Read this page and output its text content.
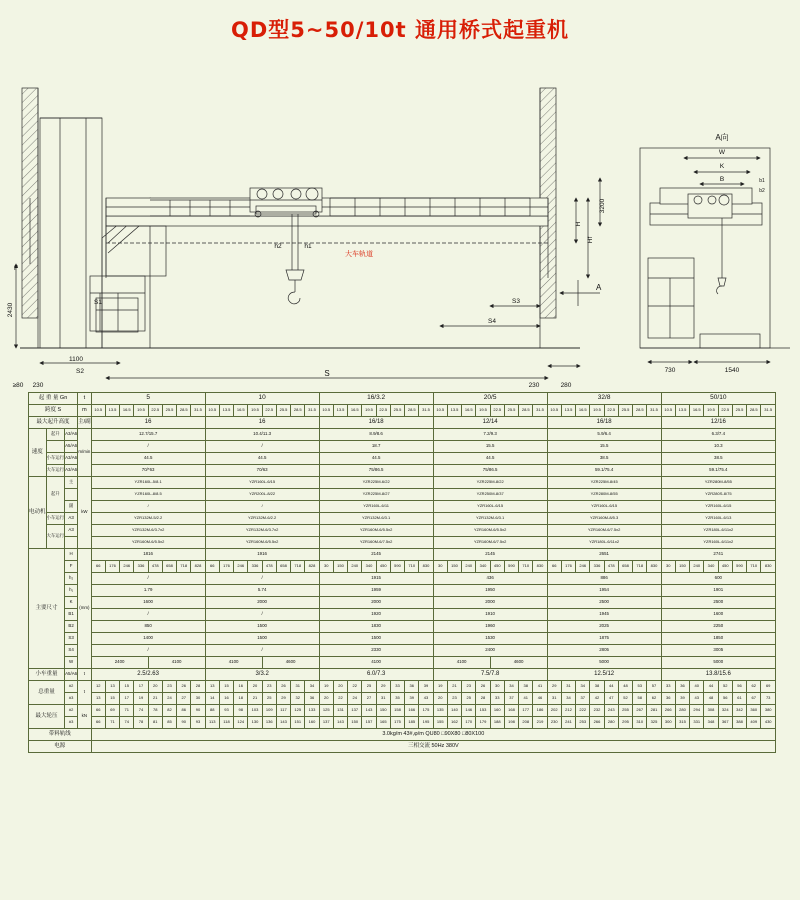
QD型5~50/10t 通用桥式起重机
1100
S2	S
230	230	280
≥80
2430
F
S1	S3
S4
h2	h1
大车轨道
3200
Hf
H
A
A向
W
K
B	b1
b2
730	1540
起 重 量 Gn			t	5								10								16/3.2								20/5								32/8								50/10							
跨度 S			m	10.5	13.5	16.5	19.5	22.5	25.5	28.5	31.5	10.5	13.5	16.5	19.5	22.5	25.5	28.5	31.5	10.5	13.5	16.5	19.5	22.5	25.5	28.5	31.5	10.5	13.5	16.5	19.5	22.5	25.5	28.5	31.5	10.5	13.5	16.5	19.5	22.5	25.5	28.5	31.5	10.5	13.5	16.5	19.5	22.5	25.5	28.5	31.5
最大起升高度			主/副	16								16								16/18								12/14								16/18								12/16							
速度	起升	A3/A6	m/min	12.7/15.7								10.4/11.3								8.9/8.6								7.2/9.3								5.9/6.4								6.3/7.4							
		A5/A6		/								/								18.7								15.5								15.5								10.3							
	小车运行	A3/A6		44.5								44.5								44.5								44.5								38.5								38.5							
	大车运行	A3/A6		70/*63								70/63								75/86.5								75/86.5								59.1/75.4								59.1/75.4							
电动机	起升	主	kW	YZR160L-5/8.1								YZR160L-6/15								YZR225M-6/22								YZR225M-8/22								YZR225M-8/45								YZR280M-8/55							
				YZR160L-8/8.5								YZR200L-8/22								YZR225M-8/27								YZR250M-8/37								YZR280M-8/55								YZR280S-8/75							
		副		/								/								YZR160L-6/11								YZR160L-6/15								YZR160L-6/15								YZR160L-6/15							
	小车运行	A3		YZR132M-5/2.2								YZR132M-6/2.2								YZR132M-6/3.1								YZR132M-6/3.1								YZR160M-8/5.3								YZR160L-6/13							
	大车运行	A3		YZR132M-6/3.7x2								YZR132M-6/3.7x2								YZR160M-6/5.5x2								YZR160M-6/5.5x2								YZR160M-6/7.5x2								YZR180L-6/11x2							
				YZR160M-6/5.5x2								YZR160M-6/5.5x2								YZR160M-6/7.5x2								YZR160M-6/7.5x2								YZR180L-6/11x2								YZR160L-6/11x2							
主要尺寸		H	(mm)	1816								1916								2145								2145								2651								2741							
		F		66	176	246	336	478	658	718	828	66	176	246	336	478	658	718	828	30	150	240	340	450	590	710	830	30	150	240	340	450	590	710	830	66	176	246	336	478	658	718	830	30	150	240	340	450	590	710	830
		h₂		/								/								1915								436								886								600							
		h₁		1.79								5.74								1959								1950								1954								1901							
		K		1600								2000								2000								2000								2500								2500							
		B1		/								/								1920								1910								1945								1600							
		B2		850								1500								1830								1960								2025								2250							
		S3		1400								1500								1500								1530								1875								1850							
		S4		/								/								2330								2400								2805								3005							
		W		2400				4100				4100				4600				4100								4100				4600				5000								5000							
小车重量		A5/A6	t	2.5/2.63								3/3.2								6.0/7.3								7.5/7.8								12.5/12								13.8/15.6							
总重量		#2	t	12	13	15	17	20	23	26	28	13	15	16	20	23	26	31	34	19	20	22	25	29	33	36	39	19	21	23	26	30	34	38	41	29	31	34	38	44	48	53	57	33	36	40	44	52	56	62	69
		#3		13	15	17	19	21	24	27	30	14	16	18	21	25	29	32	36	20	22	24	27	31	35	39	43	20	23	25	28	33	37	41	46	31	34	37	42	47	52	58	62	36	39	43	48	56	61	67	73
最大轮压		#2	kN	66	69	71	74	78	82	86	90	88	93	98	103	109	117	125	133	125	131	137	143	150	158	166	175	135	140	146	153	160	168	177	186	202	212	222	232	243	255	267	281	266	280	294	308	324	342	360	380
		#3		66	71	74	78	81	85	90	93	113	118	124	130	136	143	151	160	137	143	150	157	165	175	185	195	155	162	170	179	188	198	208	219	230	241	253	266	280	295	310	325	300	315	331	348	367	388	409	430
带料轨线				3.0kg/m 43#,φ/m QU80 □90X80 □80X100																																															
电源				三相交流 50Hz 380V																																															
